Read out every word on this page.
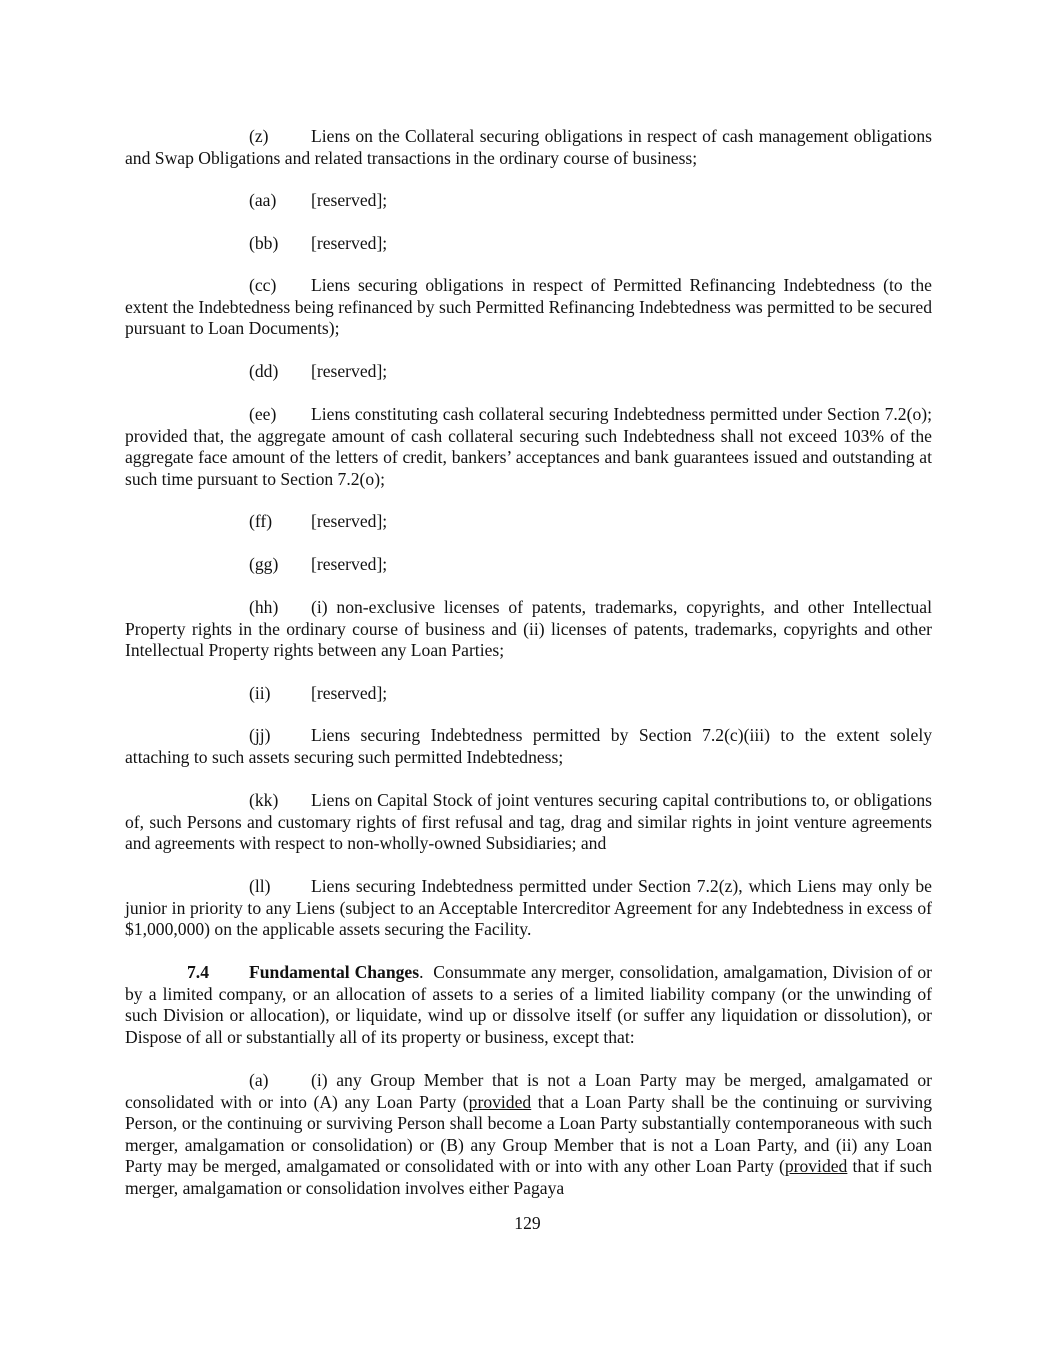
(z) Liens on the Collateral securing obligations in respect of cash management obligations and Swap Obligations and related transactions in the ordinary course of business;

(aa) [reserved];
(bb) [reserved];

(cc) Liens securing obligations in respect of Permitted Refinancing Indebtedness (to the extent the Indebtedness being refinanced by such Permitted Refinancing Indebtedness was permitted to be secured pursuant to Loan Documents);

(dd) [reserved];

(ee) Liens constituting cash collateral securing Indebtedness permitted under Section 7.2(o); provided that, the aggregate amount of cash collateral securing such Indebtedness shall not exceed 103% of the aggregate face amount of the letters of credit, bankers’ acceptances and bank guarantees issued and outstanding at such time pursuant to Section 7.2(o);

(ff) [reserved];
(gg) [reserved];

(hh) (i) non-exclusive licenses of patents, trademarks, copyrights, and other Intellectual Property rights in the ordinary course of business and (ii) licenses of patents, trademarks, copyrights and other Intellectual Property rights between any Loan Parties;

(ii) [reserved];

(jj) Liens securing Indebtedness permitted by Section 7.2(c)(iii) to the extent solely attaching to such assets securing such permitted Indebtedness;

(kk) Liens on Capital Stock of joint ventures securing capital contributions to, or obligations of, such Persons and customary rights of first refusal and tag, drag and similar rights in joint venture agreements and agreements with respect to non-wholly-owned Subsidiaries; and

(ll) Liens securing Indebtedness permitted under Section 7.2(z), which Liens may only be junior in priority to any Liens (subject to an Acceptable Intercreditor Agreement for any Indebtedness in excess of $1,000,000) on the applicable assets securing the Facility.

7.4 Fundamental Changes. Consummate any merger, consolidation, amalgamation, Division of or by a limited company, or an allocation of assets to a series of a limited liability company (or the unwinding of such Division or allocation), or liquidate, wind up or dissolve itself (or suffer any liquidation or dissolution), or Dispose of all or substantially all of its property or business, except that:

(a) (i) any Group Member that is not a Loan Party may be merged, amalgamated or consolidated with or into (A) any Loan Party (provided that a Loan Party shall be the continuing or surviving Person, or the continuing or surviving Person shall become a Loan Party substantially contemporaneous with such merger, amalgamation or consolidation) or (B) any Group Member that is not a Loan Party, and (ii) any Loan Party may be merged, amalgamated or consolidated with or into with any other Loan Party (provided that if such merger, amalgamation or consolidation involves either Pagaya

129
